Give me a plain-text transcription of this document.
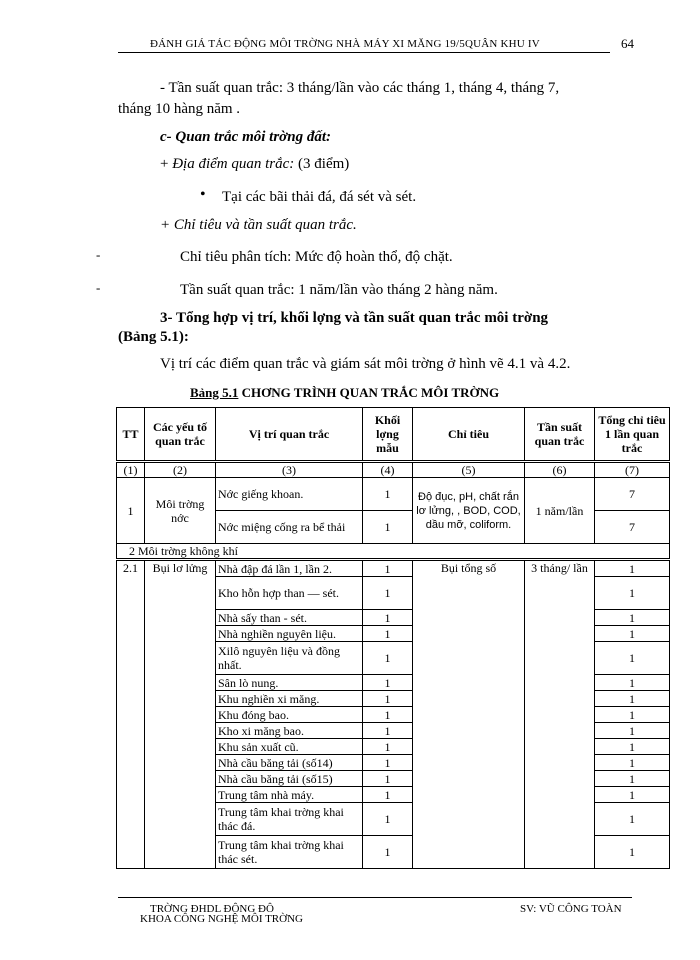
ĐÁNH GIÁ TÁC ĐỘNG MÔI TRỜNG NHÀ MÁY XI MĂNG 19/5QUÂN KHU IV	64
- Tần suất quan trắc: 3 tháng/lần vào các tháng 1, tháng 4, tháng 7,
tháng 10 hàng năm .
c- Quan trắc môi trờng đất:
+ Địa điểm quan trắc: (3 điểm)
• Tại các bãi thải đá, đá sét và sét.
+ Chỉ tiêu và tần suất quan trắc.
-	Chỉ tiêu phân tích: Mức độ hoàn thổ, độ chặt.
-	Tần suất quan trắc: 1 năm/lần vào tháng 2 hàng năm.
3- Tổng hợp vị trí, khối lợng và tần suất quan trắc môi trờng
(Bảng 5.1):
Vị trí các điểm quan trắc và giám sát môi trờng ở hình vẽ 4.1 và 4.2.
Bảng 5.1 CHƠNG TRÌNH QUAN TRẮC MÔI TRỜNG
TT	Các yếu tố quan trắc	Vị trí quan trắc	Khối lợng mẫu	Chỉ tiêu	Tần suất quan trắc	Tổng chỉ tiêu 1 lần quan trắc
(1)	(2)	(3)	(4)	(5)	(6)	(7)
1	Môi trờng nớc	Nớc giếng khoan.	1	Độ đục, pH, chất rắn lơ lửng, , BOD, COD, dầu mỡ, coliform.	1 năm/lần	7
		Nớc miệng cống ra bể thải	1			7
2 Môi trờng không khí						
2.1	Bụi lơ lửng	Nhà đập đá lần 1, lần 2.	1	Bụi tổng số	3 tháng/ lần	1
		Kho hỗn hợp than — sét.	1			1
		Nhà sấy than - sét.	1			1
		Nhà nghiền nguyên liệu.	1			1
		Xilô nguyên liệu và đồng nhất.	1			1
		Sân lò nung.	1			1
		Khu nghiền xi măng.	1			1
		Khu đóng bao.	1			1
		Kho xi măng bao.	1			1
		Khu sản xuất cũ.	1			1
		Nhà cầu băng tải (số14)	1			1
		Nhà cầu băng tải (số15)	1			1
		Trung tâm nhà máy.	1			1
		Trung tâm khai trờng khai thác đá.	1			1
		Trung tâm khai trờng khai thác sét.	1			1
TRỜNG ĐHDL ĐÔNG ĐÔ
KHOA CÔNG NGHỆ MÔI TRỜNG
SV: VŨ CÔNG TOÀN
